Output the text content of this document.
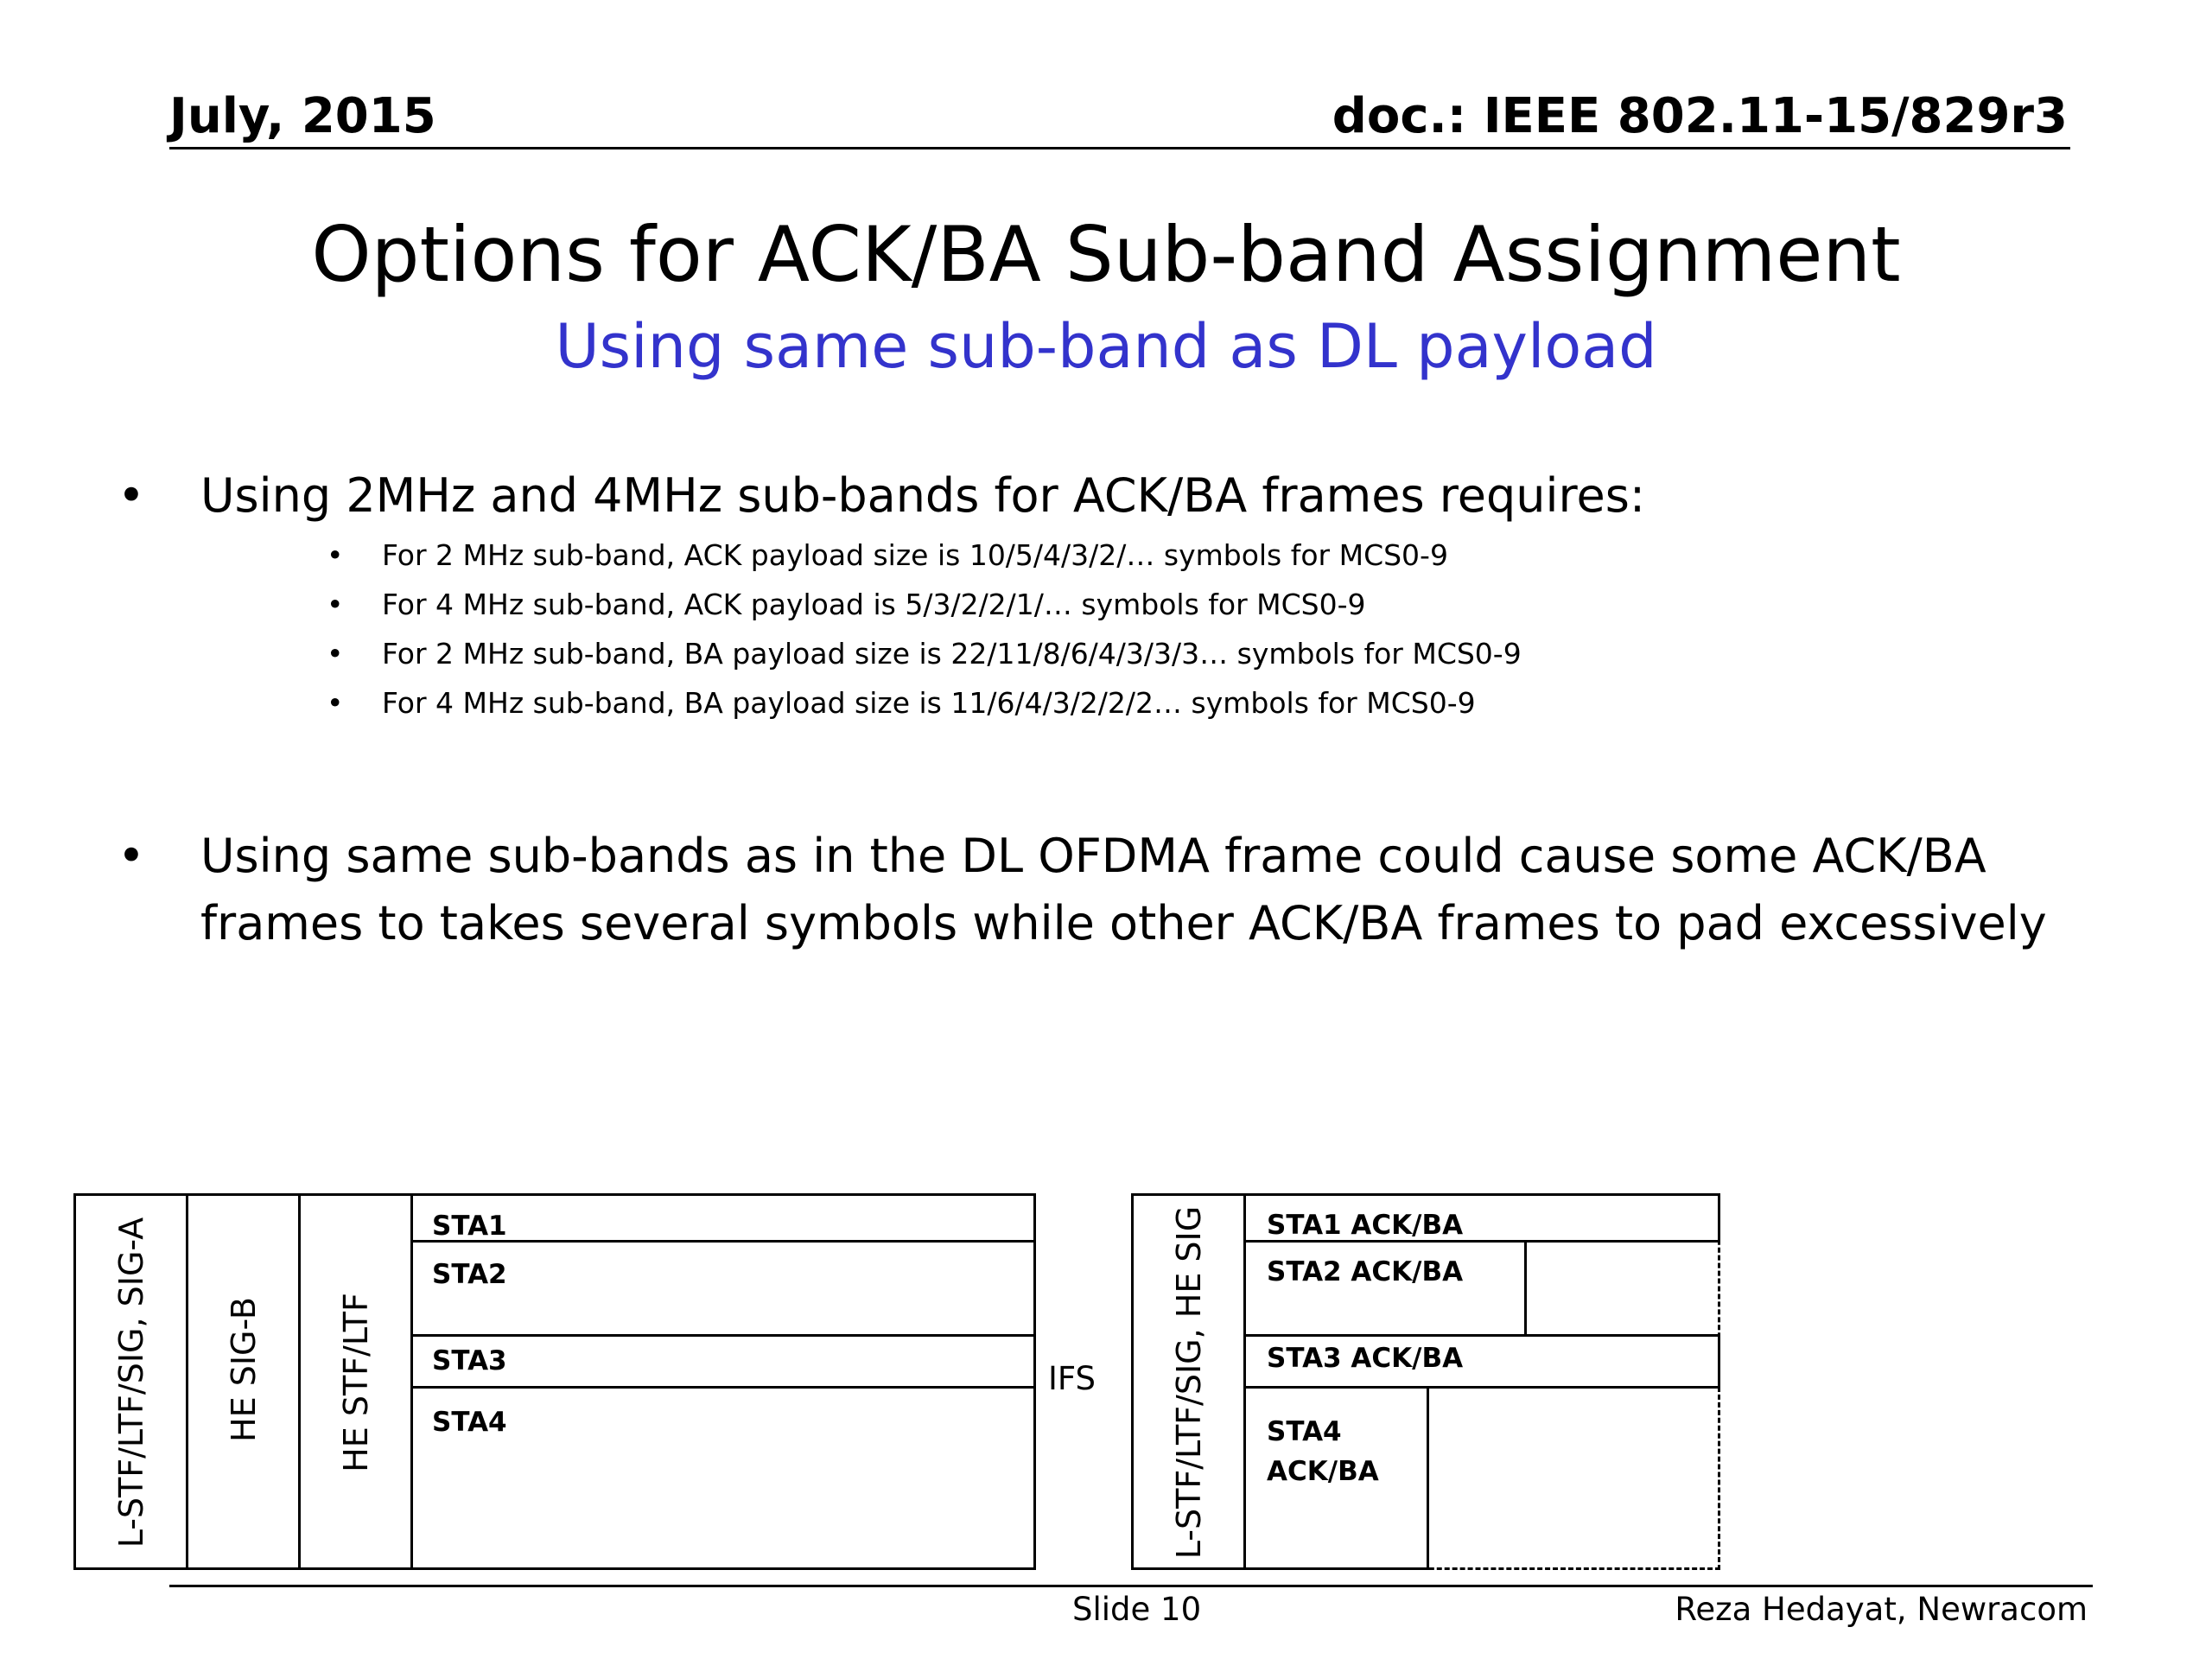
July, 2015	doc.: IEEE 802.11-15/829r3
Options for ACK/BA Sub-band Assignment
Using same sub-band as DL payload
• Using 2MHz and 4MHz sub-bands for ACK/BA frames requires:
• For 2 MHz sub-band, ACK payload size is 10/5/4/3/2/… symbols for MCS0-9
• For 4 MHz sub-band, ACK payload is 5/3/2/2/1/… symbols for MCS0-9
• For 2 MHz sub-band, BA payload size is 22/11/8/6/4/3/3/3… symbols for MCS0-9
• For 4 MHz sub-band, BA payload size is 11/6/4/3/2/2/2… symbols for MCS0-9
• Using same sub-bands as in the DL OFDMA frame could cause some ACK/BA
frames to takes several symbols while other ACK/BA frames to pad excessively
L-STF/LTF/SIG, SIG-A HE SIG-B HE STF/LTF
STA1
STA2
STA3
STA4
IFS L-STF/LTF/SIG, HE SIG STA1 ACK/BA
STA2 ACK/BA
STA3 ACK/BA
STA4
ACK/BA
Slide 10	Reza Hedayat, Newracom
